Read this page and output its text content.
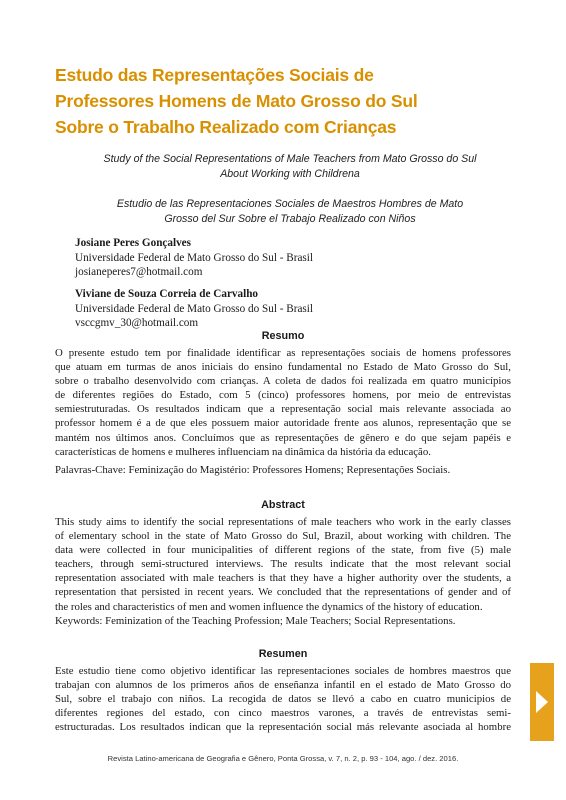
Estudo das Representações Sociais de
Professores Homens de Mato Grosso do Sul
Sobre o Trabalho Realizado com Crianças
Study of the Social Representations of Male Teachers from Mato Grosso do Sul
About Working with Childrena
Estudio de las Representaciones Sociales de Maestros Hombres de Mato
Grosso del Sur Sobre el Trabajo Realizado con Niños
Josiane Peres Gonçalves
Universidade Federal de Mato Grosso do Sul - Brasil
josianeperes7@hotmail.com
Viviane de Souza Correia de Carvalho
Universidade Federal de Mato Grosso do Sul - Brasil
vsccgmv_30@hotmail.com
Resumo
O presente estudo tem por finalidade identificar as representações sociais de homens professores
que atuam em turmas de anos iniciais do ensino fundamental no Estado de Mato Grosso do Sul,
sobre o trabalho desenvolvido com crianças. A coleta de dados foi realizada em quatro municípios
de diferentes regiões do Estado, com 5 (cinco) professores homens, por meio de entrevistas
semiestruturadas. Os resultados indicam que a representação social mais relevante associada ao
professor homem é a de que eles possuem maior autoridade frente aos alunos, representação que se
mantém nos últimos anos. Concluímos que as representações de gênero e do que sejam papéis e
características de homens e mulheres influenciam na dinâmica da história da educação.
Palavras-Chave: Feminização do Magistério: Professores Homens; Representações Sociais.
Abstract
This study aims to identify the social representations of male teachers who work in the early classes
of elementary school in the state of Mato Grosso do Sul, Brazil, about working with children. The
data were collected in four municipalities of different regions of the state, from five (5) male
teachers, through semi-structured interviews. The results indicate that the most relevant social
representation associated with male teachers is that they have a higher authority over the students, a
representation that persisted in recent years. We concluded that the representations of gender and of
the roles and characteristics of men and women influence the dynamics of the history of education.
Keywords: Feminization of the Teaching Profession; Male Teachers; Social Representations.
Resumen
Este estudio tiene como objetivo identificar las representaciones sociales de hombres maestros que
trabajan con alumnos de los primeros años de enseñanza infantil en el estado de Mato Grosso do
Sul, sobre el trabajo con niños. La recogida de datos se llevó a cabo en cuatro municipios de
diferentes regiones del estado, con cinco maestros varones, a través de entrevistas semi-
estructuradas. Los resultados indican que la representación social más relevante asociada al hombre
Revista Latino-americana de Geografia e Gênero, Ponta Grossa, v. 7, n. 2, p. 93 - 104, ago. / dez. 2016.
